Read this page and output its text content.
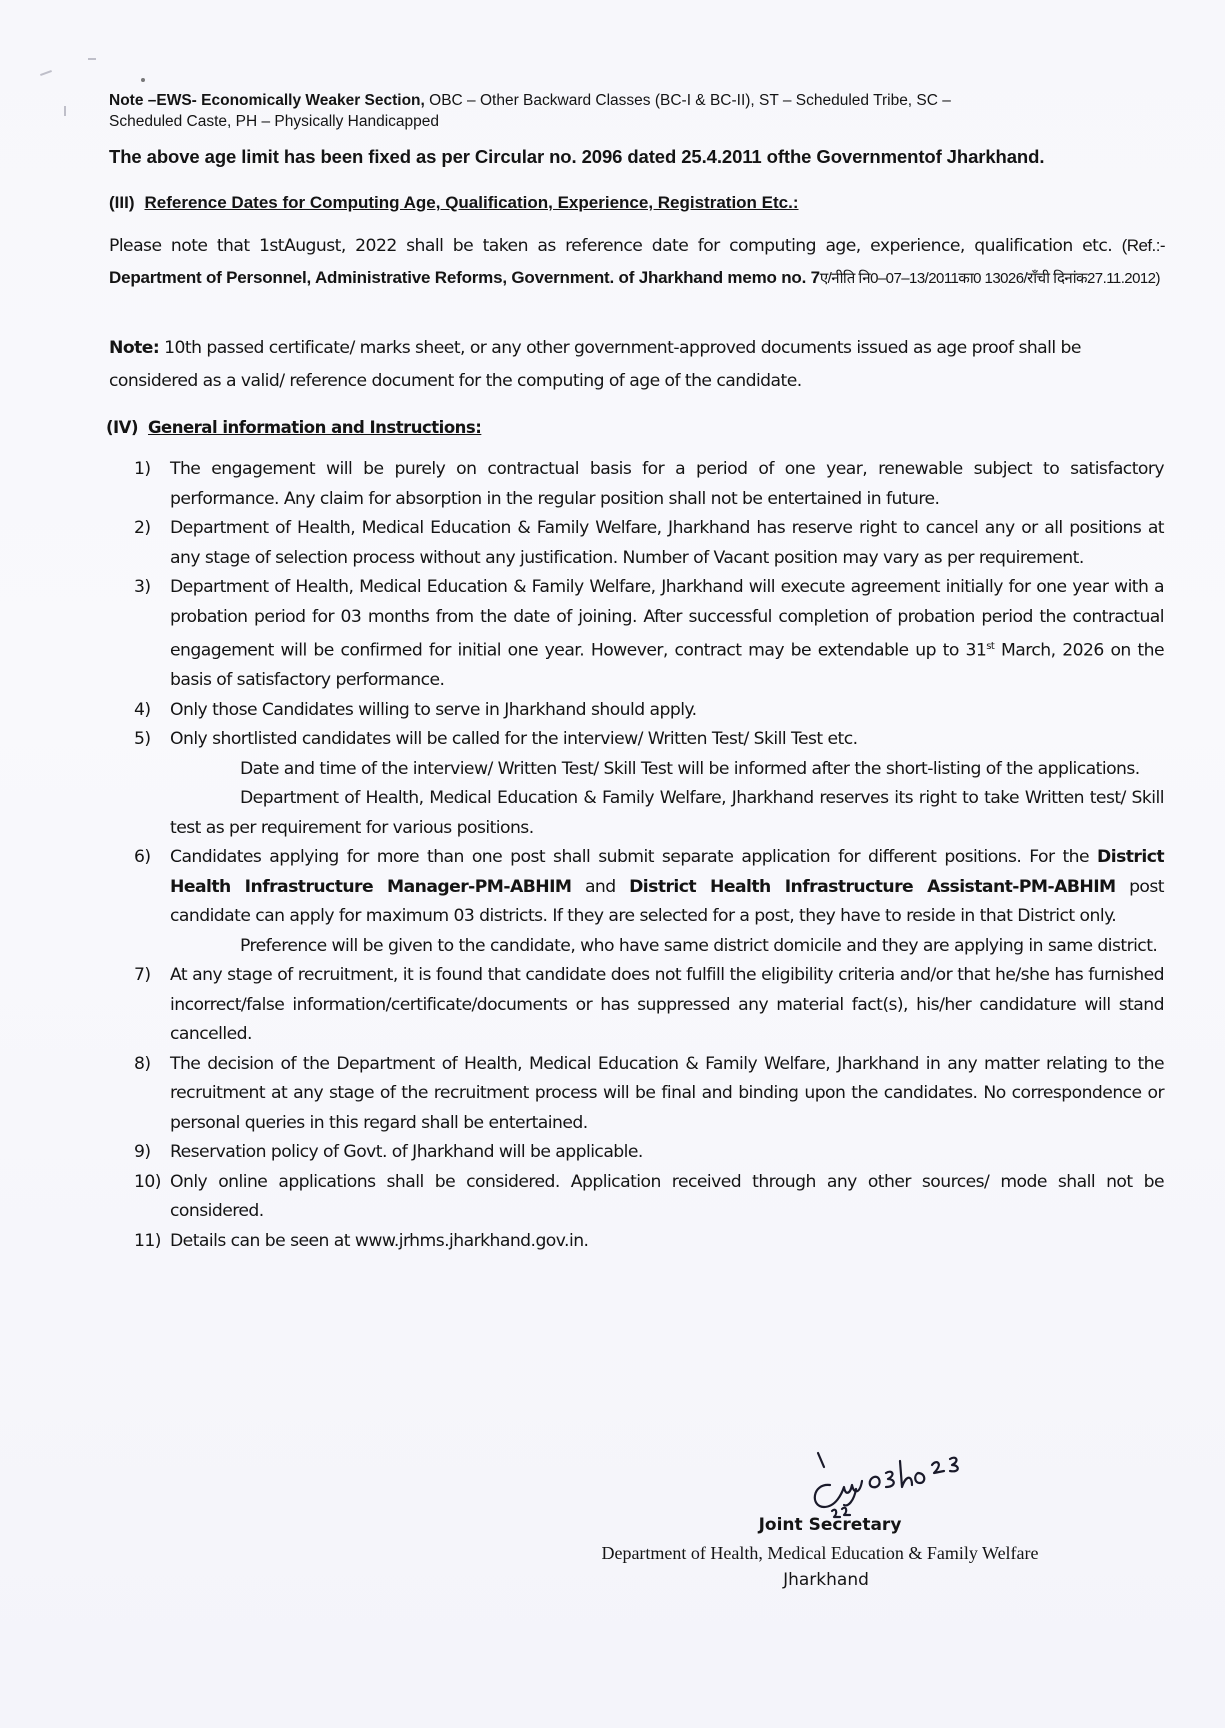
Note –EWS- Economically Weaker Section, OBC – Other Backward Classes (BC-I & BC-II), ST – Scheduled Tribe, SC –
Scheduled Caste, PH – Physically Handicapped
The above age limit has been fixed as per Circular no. 2096 dated 25.4.2011 ofthe Governmentof Jharkhand.
(III) Reference Dates for Computing Age, Qualification, Experience, Registration Etc.:
Please note that 1stAugust, 2022 shall be taken as reference date for computing age, experience, qualification etc. (Ref.:- Department of Personnel, Administrative Reforms, Government. of Jharkhand memo no. 7ए/नीति नि0–07–13/2011का0 13026/राँची दिनांक27.11.2012)
Note: 10th passed certificate/ marks sheet, or any other government-approved documents issued as age proof shall be considered as a valid/ reference document for the computing of age of the candidate.
(IV) General information and Instructions:
1) The engagement will be purely on contractual basis for a period of one year, renewable subject to satisfactory performance. Any claim for absorption in the regular position shall not be entertained in future.

2) Department of Health, Medical Education & Family Welfare, Jharkhand has reserve right to cancel any or all positions at any stage of selection process without any justification. Number of Vacant position may vary as per requirement.

3) Department of Health, Medical Education & Family Welfare, Jharkhand will execute agreement initially for one year with a probation period for 03 months from the date of joining. After successful completion of probation period the contractual engagement will be confirmed for initial one year. However, contract may be extendable up to 31st March, 2026 on the basis of satisfactory performance.

4) Only those Candidates willing to serve in Jharkhand should apply.

5) Only shortlisted candidates will be called for the interview/ Written Test/ Skill Test etc.

Date and time of the interview/ Written Test/ Skill Test will be informed after the short-listing of the applications.

Department of Health, Medical Education & Family Welfare, Jharkhand reserves its right to take Written test/ Skill test as per requirement for various positions.

6) Candidates applying for more than one post shall submit separate application for different positions. For the District Health Infrastructure Manager-PM-ABHIM and District Health Infrastructure Assistant-PM-ABHIM post candidate can apply for maximum 03 districts. If they are selected for a post, they have to reside in that District only.

Preference will be given to the candidate, who have same district domicile and they are applying in same district.

7) At any stage of recruitment, it is found that candidate does not fulfill the eligibility criteria and/or that he/she has furnished incorrect/false information/certificate/documents or has suppressed any material fact(s), his/her candidature will stand cancelled.

8) The decision of the Department of Health, Medical Education & Family Welfare, Jharkhand in any matter relating to the recruitment at any stage of the recruitment process will be final and binding upon the candidates. No correspondence or personal queries in this regard shall be entertained.

9) Reservation policy of Govt. of Jharkhand will be applicable.

10) Only online applications shall be considered. Application received through any other sources/ mode shall not be considered.

11) Details can be seen at www.jrhms.jharkhand.gov.in.

Joint Secretary
Department of Health, Medical Education & Family Welfare
Jharkhand
